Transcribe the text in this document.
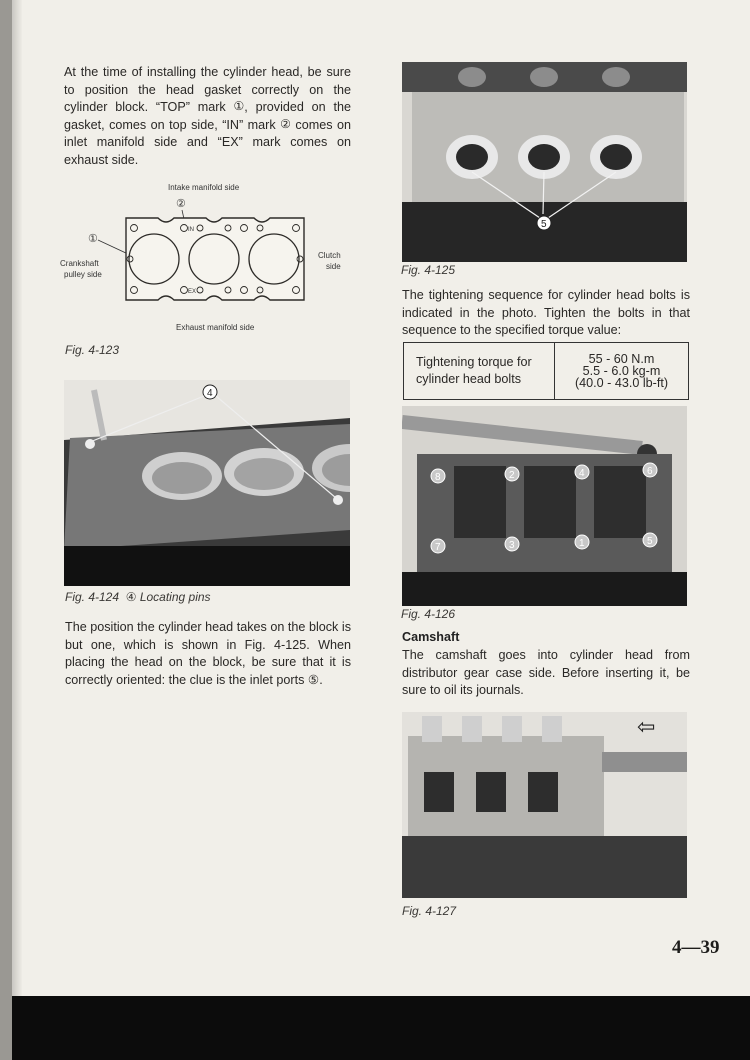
At the time of installing the cylinder head, be sure to position the head gasket correctly on the cylinder block. “TOP” mark ①, provided on the gasket, comes on top side, “IN” mark ② comes on inlet manifold side and “EX” mark comes on exhaust side.

Intake manifold side
Exhaust manifold side
Crankshaft
pulley side
Clutch
side
①
②
IN
EX

Fig. 4-123

4

Fig. 4-124 ④ Locating pins

The position the cylinder head takes on the block is but one, which is shown in Fig. 4-125. When placing the head on the block, be sure that it is correctly oriented: the clue is the inlet ports ⑤.

5

Fig. 4-125

The tightening sequence for cylinder head bolts is indicated in the photo. Tighten the bolts in that sequence to the specified torque value:

Tightening torque for cylinder head bolts	
55 - 60 N.m
5.5 - 6.0 kg-m
(40.0 - 43.0 lb-ft)
8	2	4	6
7	3	1	5

Fig. 4-126

Camshaft

The camshaft goes into cylinder head from distributor gear case side. Before inserting it, be sure to oil its journals.

⇦

Fig. 4-127

4—39
